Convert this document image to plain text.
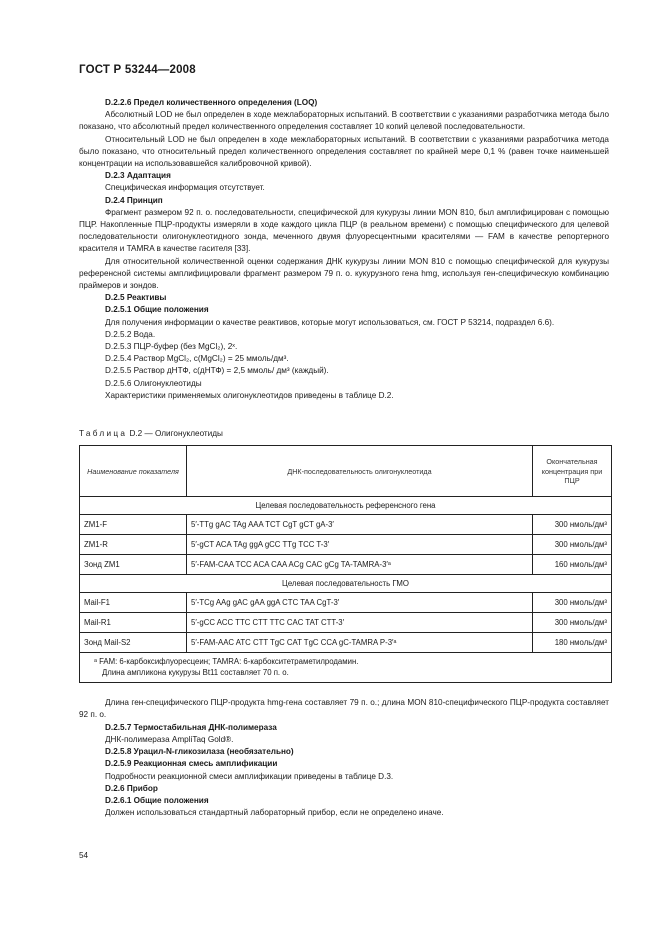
ГОСТ Р 53244—2008
D.2.2.6 Предел количественного определения (LOQ)
Абсолютный LOD не был определен в ходе межлабораторных испытаний. В соответствии с указаниями разработчика метода было показано, что абсолютный предел количественного определения составляет 10 копий целевой последовательности.
Относительный LOD не был определен в ходе межлабораторных испытаний. В соответствии с указаниями разработчика метода было показано, что относительный предел количественного определения составляет по крайней мере 0,1 % (равен точке наименьшей концентрации на использовавшейся калибровочной кривой).
D.2.3 Адаптация
Специфическая информация отсутствует.
D.2.4 Принцип
Фрагмент размером 92 п. о. последовательности, специфической для кукурузы линии MON 810, был амплифицирован с помощью ПЦР. Накопленные ПЦР-продукты измеряли в ходе каждого цикла ПЦР (в реальном времени) с помощью специфического для целевой последовательности олигонуклеотидного зонда, меченного двумя флуоресцентными красителями — FAM в качестве репортерного красителя и TAMRA в качестве гасителя [33].
Для относительной количественной оценки содержания ДНК кукурузы линии MON 810 с помощью специфической для кукурузы референсной системы амплифицировали фрагмент размером 79 п. о. кукурузного гена hmg, используя ген-специфическую комбинацию праймеров и зондов.
D.2.5 Реактивы
D.2.5.1 Общие положения
Для получения информации о качестве реактивов, которые могут использоваться, см. ГОСТ Р 53214, подраздел 6.6).
D.2.5.2 Вода.
D.2.5.3 ПЦР-буфер (без MgCl₂), 2ˣ.
D.2.5.4 Раствор MgCl₂, c(MgCl₂) = 25 ммоль/дм³.
D.2.5.5 Раствор дНТФ, c(дНТФ) = 2,5 ммоль/ дм³ (каждый).
D.2.5.6 Олигонуклеотиды
Характеристики применяемых олигонуклеотидов приведены в таблице D.2.
Таблица D.2 — Олигонуклеотиды
Наименование показателя	ДНК-последовательность олигонуклеотида	Окончательная концентрация при ПЦР
Целевая последовательность референсного гена		
ZM1-F	5′-TTg gAC TAg AAA TCT CgT gCT gA-3′	300 нмоль/дм³
ZM1-R	5′-gCT ACA TAg ggA gCC TTg TCC T-3′	300 нмоль/дм³
Зонд ZM1	5′-FAM-CAA TCC ACA CAA ACg CAC gCg TA-TAMRA-3′ᵃ	160 нмоль/дм³
Целевая последовательность ГМО		
Mail-F1	5′-TCg AAg gAC gAA ggA CTC TAA CgT-3′	300 нмоль/дм³
Mail-R1	5′-gCC ACC TTC CTT TTC CAC TAT CTT-3′	300 нмоль/дм³
Зонд Mail-S2	5′-FAM-AAC ATC CTT TgC CAT TgC CCA gC-TAMRA P-3′ᵃ	180 нмоль/дм³

ᵃ FAM: 6-карбоксифлуоресцеин; TAMRA: 6-карбокситетраметилродамин.
Длина ампликона кукурузы Bt11 составляет 70 п. о.		
Длина ген-специфического ПЦР-продукта hmg-гена составляет 79 п. о.; длина MON 810-специфического ПЦР-продукта составляет 92 п. о.
D.2.5.7 Термостабильная ДНК-полимераза
ДНК-полимераза AmpliTaq Gold®.
D.2.5.8 Урацил-N-гликозилаза (необязательно)
D.2.5.9 Реакционная смесь амплификации
Подробности реакционной смеси амплификации приведены в таблице D.3.
D.2.6 Прибор
D.2.6.1 Общие положения
Должен использоваться стандартный лабораторный прибор, если не определено иначе.
54
